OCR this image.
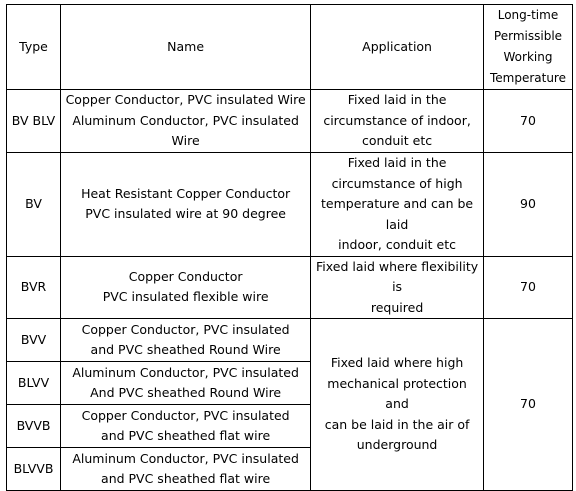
Type	Name	Application	Long-time
Permissible
Working
Temperature
BV BLV	Copper Conductor, PVC insulated Wire
Aluminum Conductor, PVC insulated
Wire	Fixed laid in the
circumstance of indoor,
conduit etc	70
BV	Heat Resistant Copper Conductor
PVC insulated wire at 90 degree	Fixed laid in the
circumstance of high
temperature and can be laid
indoor, conduit etc	90
BVR	Copper Conductor
PVC insulated flexible wire	Fixed laid where flexibility is
required	70
BVV	Copper Conductor, PVC insulated
and PVC sheathed Round Wire	Fixed laid where high
mechanical protection and
can be laid in the air of
underground	70
BLVV	Aluminum Conductor, PVC insulated
And PVC sheathed Round Wire		
BVVB	Copper Conductor, PVC insulated
and PVC sheathed flat wire		
BLVVB	Aluminum Conductor, PVC insulated
and PVC sheathed flat wire		
